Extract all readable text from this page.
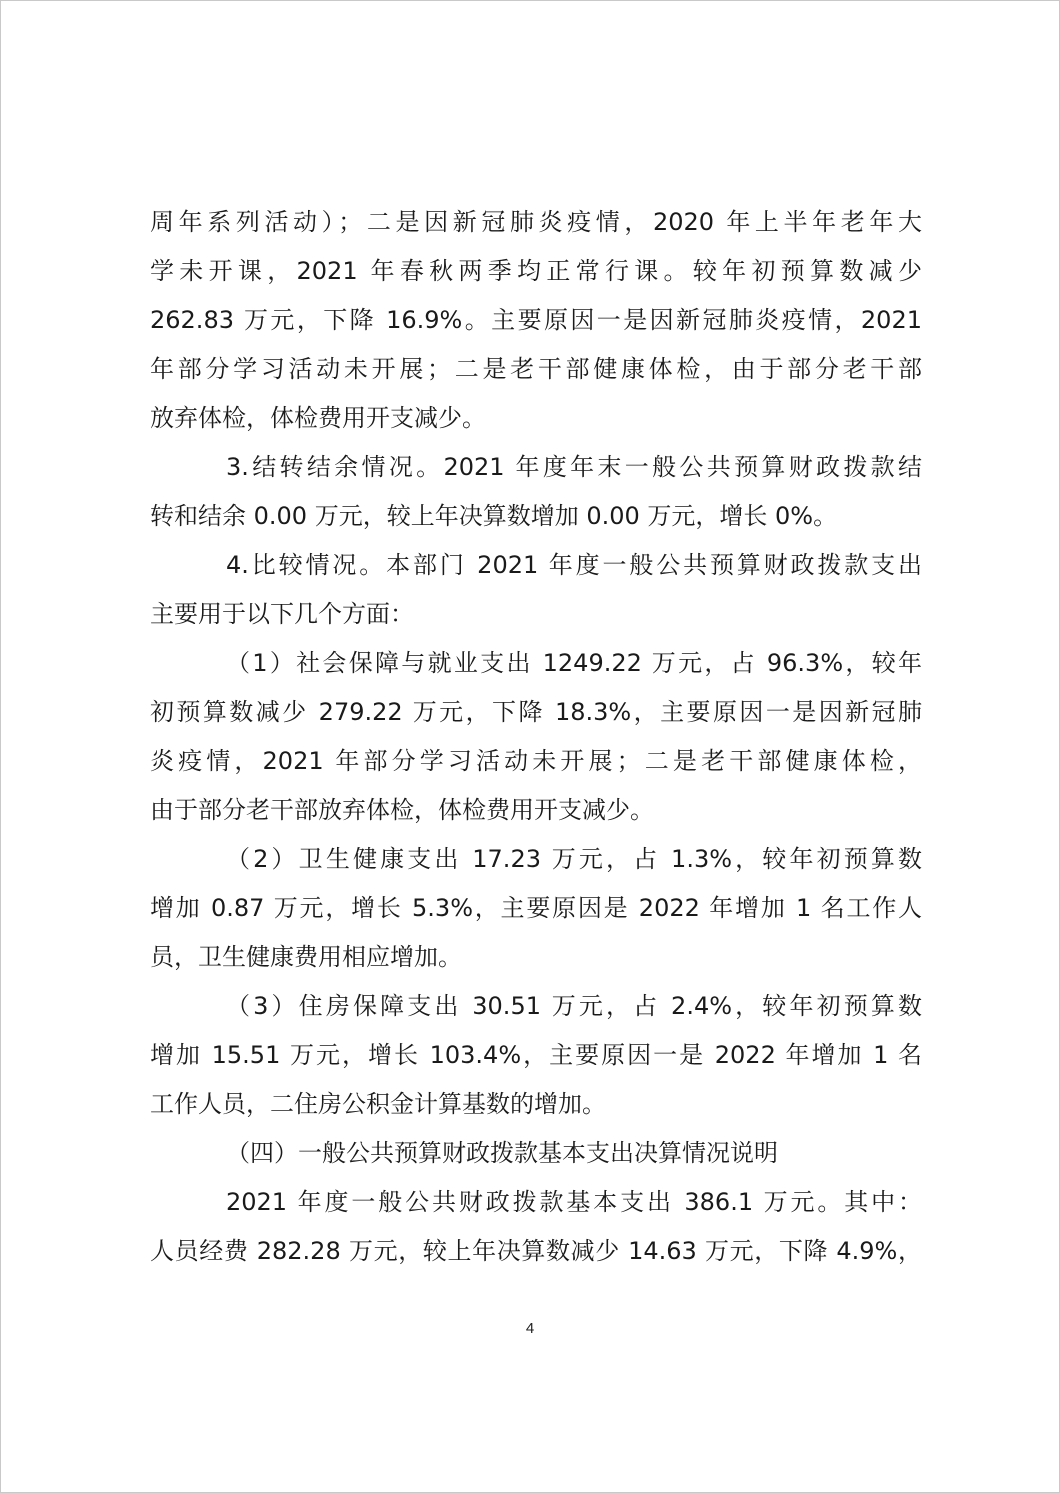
周年系列活动）；二是因新冠肺炎疫情，2020 年上半年老年大
学未开课，2021 年春秋两季均正常行课。较年初预算数减少
262.83 万元，下降 16.9%。主要原因一是因新冠肺炎疫情，2021
年部分学习活动未开展；二是老干部健康体检，由于部分老干部
放弃体检，体检费用开支减少。
3.结转结余情况。2021 年度年末一般公共预算财政拨款结
转和结余 0.00 万元，较上年决算数增加 0.00 万元，增长 0%。
4.比较情况。本部门 2021 年度一般公共预算财政拨款支出
主要用于以下几个方面：
（1）社会保障与就业支出 1249.22 万元，占 96.3%，较年
初预算数减少 279.22 万元，下降 18.3%，主要原因一是因新冠肺
炎疫情，2021 年部分学习活动未开展；二是老干部健康体检，
由于部分老干部放弃体检，体检费用开支减少。
（2）卫生健康支出 17.23 万元，占 1.3%，较年初预算数
增加 0.87 万元，增长 5.3%，主要原因是 2022 年增加 1 名工作人
员，卫生健康费用相应增加。
（3）住房保障支出 30.51 万元，占 2.4%，较年初预算数
增加 15.51 万元，增长 103.4%，主要原因一是 2022 年增加 1 名
工作人员，二住房公积金计算基数的增加。
（四）一般公共预算财政拨款基本支出决算情况说明
2021 年度一般公共财政拨款基本支出 386.1 万元。其中：
人员经费 282.28 万元，较上年决算数减少 14.63 万元，下降 4.9%，
4
